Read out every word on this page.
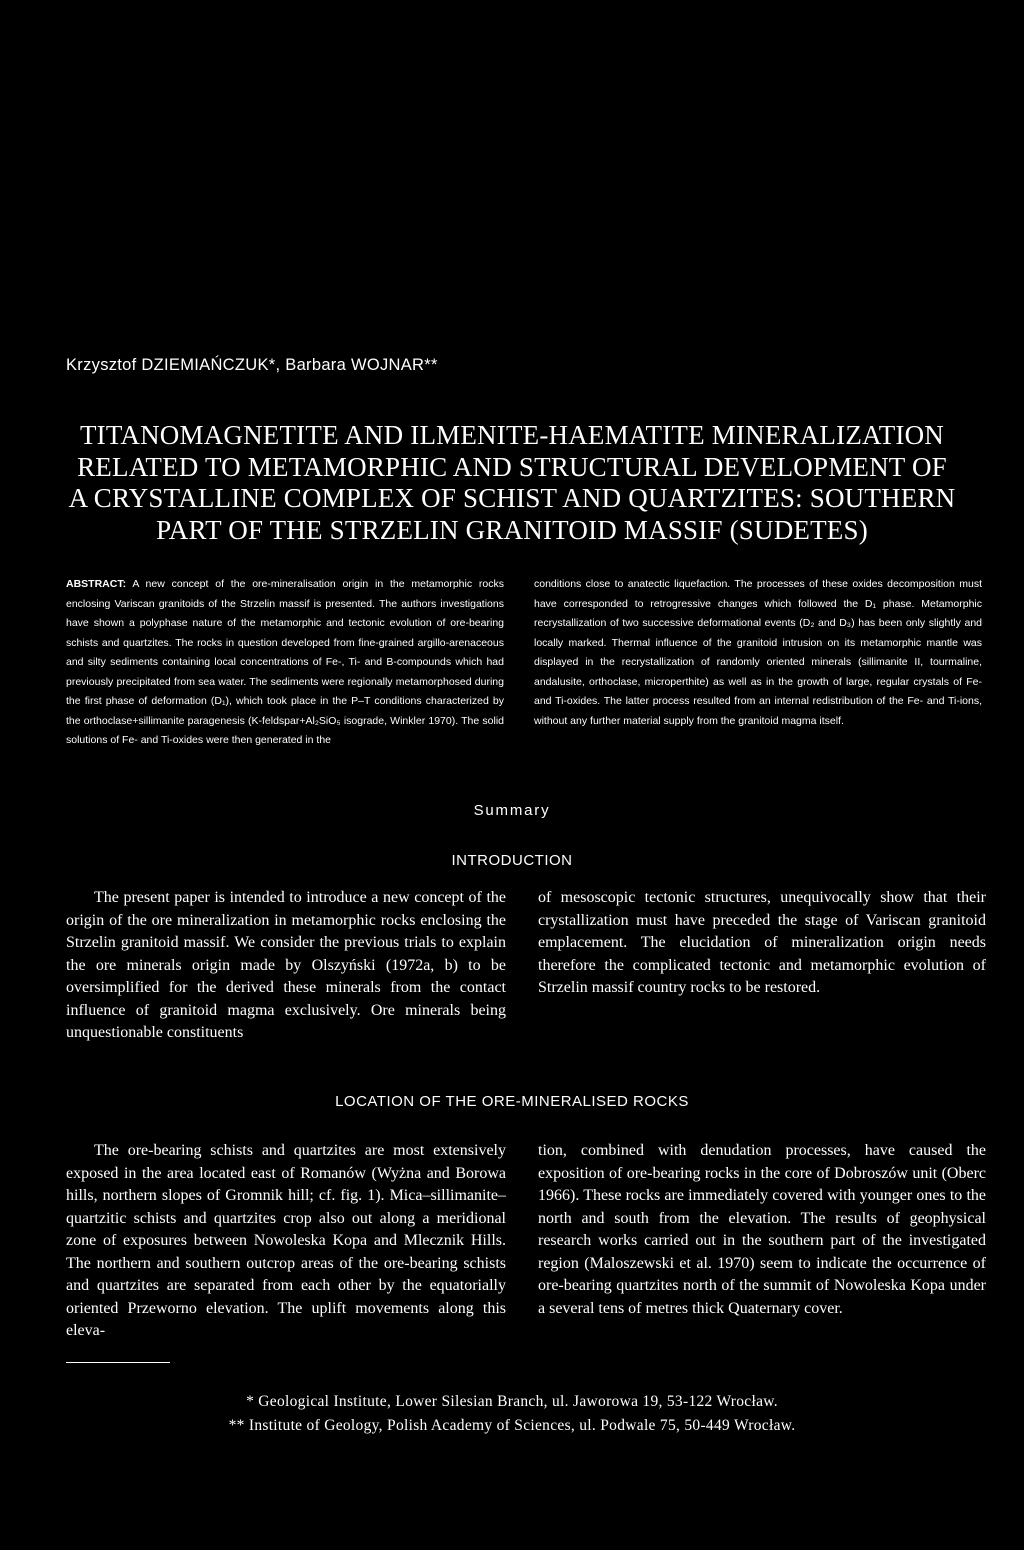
Krzysztof DZIEMIAŃCZUK*, Barbara WOJNAR**
TITANOMAGNETITE AND ILMENITE-HAEMATITE MINERALIZATION
RELATED TO METAMORPHIC AND STRUCTURAL DEVELOPMENT OF
A CRYSTALLINE COMPLEX OF SCHIST AND QUARTZITES: SOUTHERN
PART OF THE STRZELIN GRANITOID MASSIF (SUDETES)

ABSTRACT: A new concept of the ore-mineralisation origin in the metamorphic rocks enclosing Variscan granitoids of the Strzelin massif is presented. The authors investigations have shown a polyphase nature of the metamorphic and tectonic evolution of ore-bearing schists and quartzites. The rocks in question developed from fine-grained argillo-arenaceous and silty sediments containing local concentrations of Fe-, Ti- and B-compounds which had previously precipitated from sea water. The sediments were regionally metamorphosed during the first phase of deformation (D₁), which took place in the P–T conditions characterized by the orthoclase+sillimanite paragenesis (K-feldspar+Al₂SiO₅ isograde, Winkler 1970). The solid solutions of Fe- and Ti-oxides were then generated in the

conditions close to anatectic liquefaction. The processes of these oxides decomposition must have corresponded to retrogressive changes which followed the D₁ phase. Metamorphic recrystallization of two successive deformational events (D₂ and D₃) has been only slightly and locally marked. Thermal influence of the granitoid intrusion on its metamorphic mantle was displayed in the recrystallization of randomly oriented minerals (sillimanite II, tourmaline, andalusite, orthoclase, microperthite) as well as in the growth of large, regular crystals of Fe- and Ti-oxides. The latter process resulted from an internal redistribution of the Fe- and Ti-ions, without any further material supply from the granitoid magma itself.

Summary
INTRODUCTION

The present paper is intended to introduce a new concept of the origin of the ore mineralization in metamorphic rocks enclosing the Strzelin granitoid massif. We consider the previous trials to explain the ore minerals origin made by Olszyński (1972a, b) to be oversimplified for the derived these minerals from the contact influence of granitoid magma exclusively. Ore minerals being unquestionable constituents

of mesoscopic tectonic structures, unequivocally show that their crystallization must have preceded the stage of Variscan granitoid emplacement. The elucidation of mineralization origin needs therefore the complicated tectonic and metamorphic evolution of Strzelin massif country rocks to be restored.

LOCATION OF THE ORE-MINERALISED ROCKS

The ore-bearing schists and quartzites are most extensively exposed in the area located east of Romanów (Wyżna and Borowa hills, northern slopes of Gromnik hill; cf. fig. 1). Mica–sillimanite–quartzitic schists and quartzites crop also out along a meridional zone of exposures between Nowoleska Kopa and Mlecznik Hills. The northern and southern outcrop areas of the ore-bearing schists and quartzites are separated from each other by the equatorially oriented Przeworno elevation. The uplift movements along this eleva-

tion, combined with denudation processes, have caused the exposition of ore-bearing rocks in the core of Dobroszów unit (Oberc 1966). These rocks are immediately covered with younger ones to the north and south from the elevation. The results of geophysical research works carried out in the southern part of the investigated region (Maloszewski et al. 1970) seem to indicate the occurrence of ore-bearing quartzites north of the summit of Nowoleska Kopa under a several tens of metres thick Quaternary cover.

* Geological Institute, Lower Silesian Branch, ul. Jaworowa 19, 53-122 Wrocław.
** Institute of Geology, Polish Academy of Sciences, ul. Podwale 75, 50-449 Wrocław.
